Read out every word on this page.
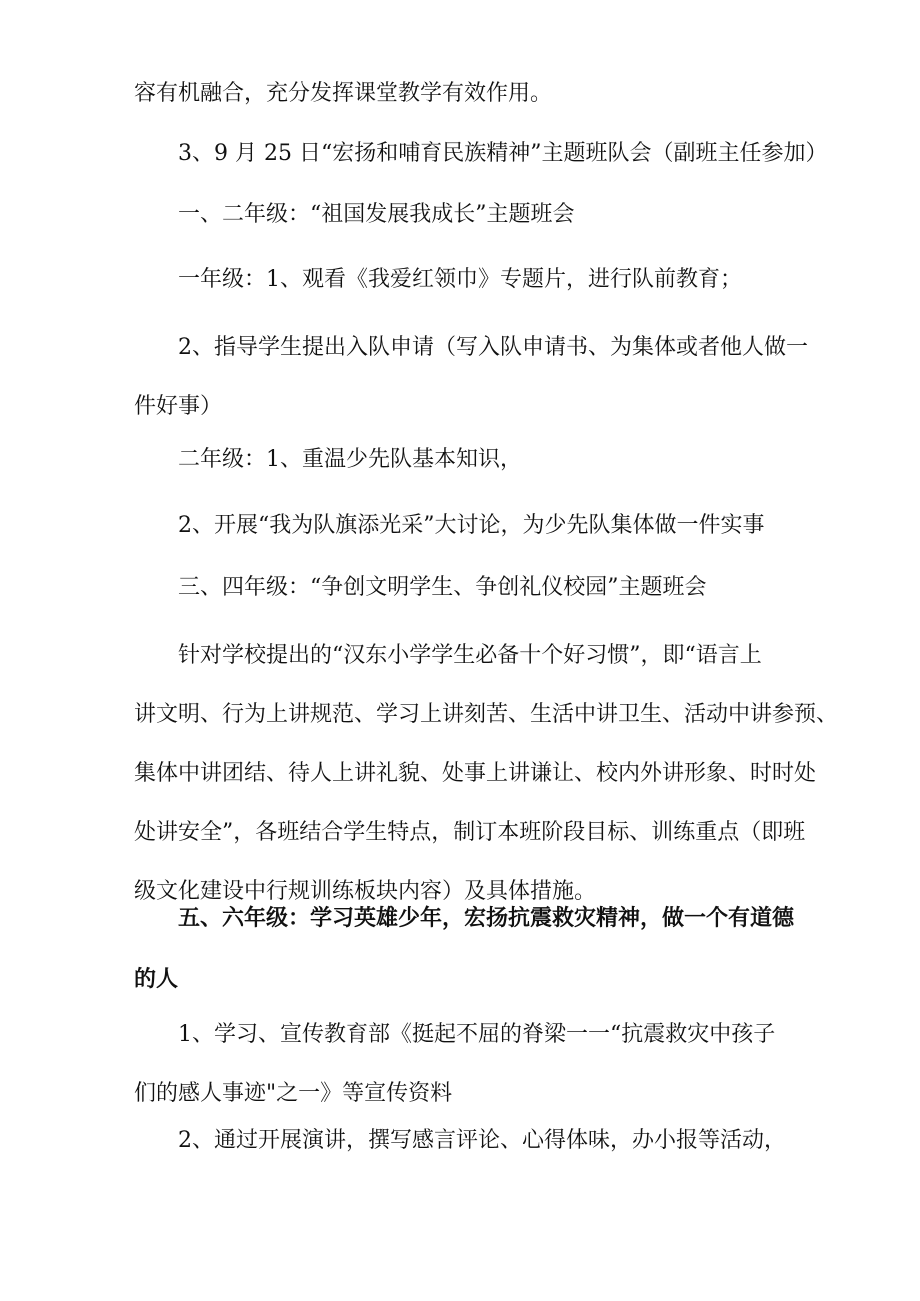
容有机融合，充分发挥课堂教学有效作用。

3、9 月 25 日“宏扬和哺育民族精神”主题班队会（副班主任参加）

一、二年级：“祖国发展我成长”主题班会

一年级：1、观看《我爱红领巾》专题片，进行队前教育；

2、指导学生提出入队申请（写入队申请书、为集体或者他人做一
件好事）

二年级：1、重温少先队基本知识，

2、开展“我为队旗添光采”大讨论，为少先队集体做一件实事

三、四年级：“争创文明学生、争创礼仪校园”主题班会

针对学校提出的“汉东小学学生必备十个好习惯”，即“语言上
讲文明、行为上讲规范、学习上讲刻苦、生活中讲卫生、活动中讲参预、
集体中讲团结、待人上讲礼貌、处事上讲谦让、校内外讲形象、时时处
处讲安全”，各班结合学生特点，制订本班阶段目标、训练重点（即班
级文化建设中行规训练板块内容）及具体措施。

五、六年级：学习英雄少年，宏扬抗震救灾精神，做一个有道德
的人

1、学习、宣传教育部《挺起不屈的脊梁一一“抗震救灾中孩子
们的感人事迹"之一》等宣传资料

2、通过开展演讲，撰写感言评论、心得体味，办小报等活动，
